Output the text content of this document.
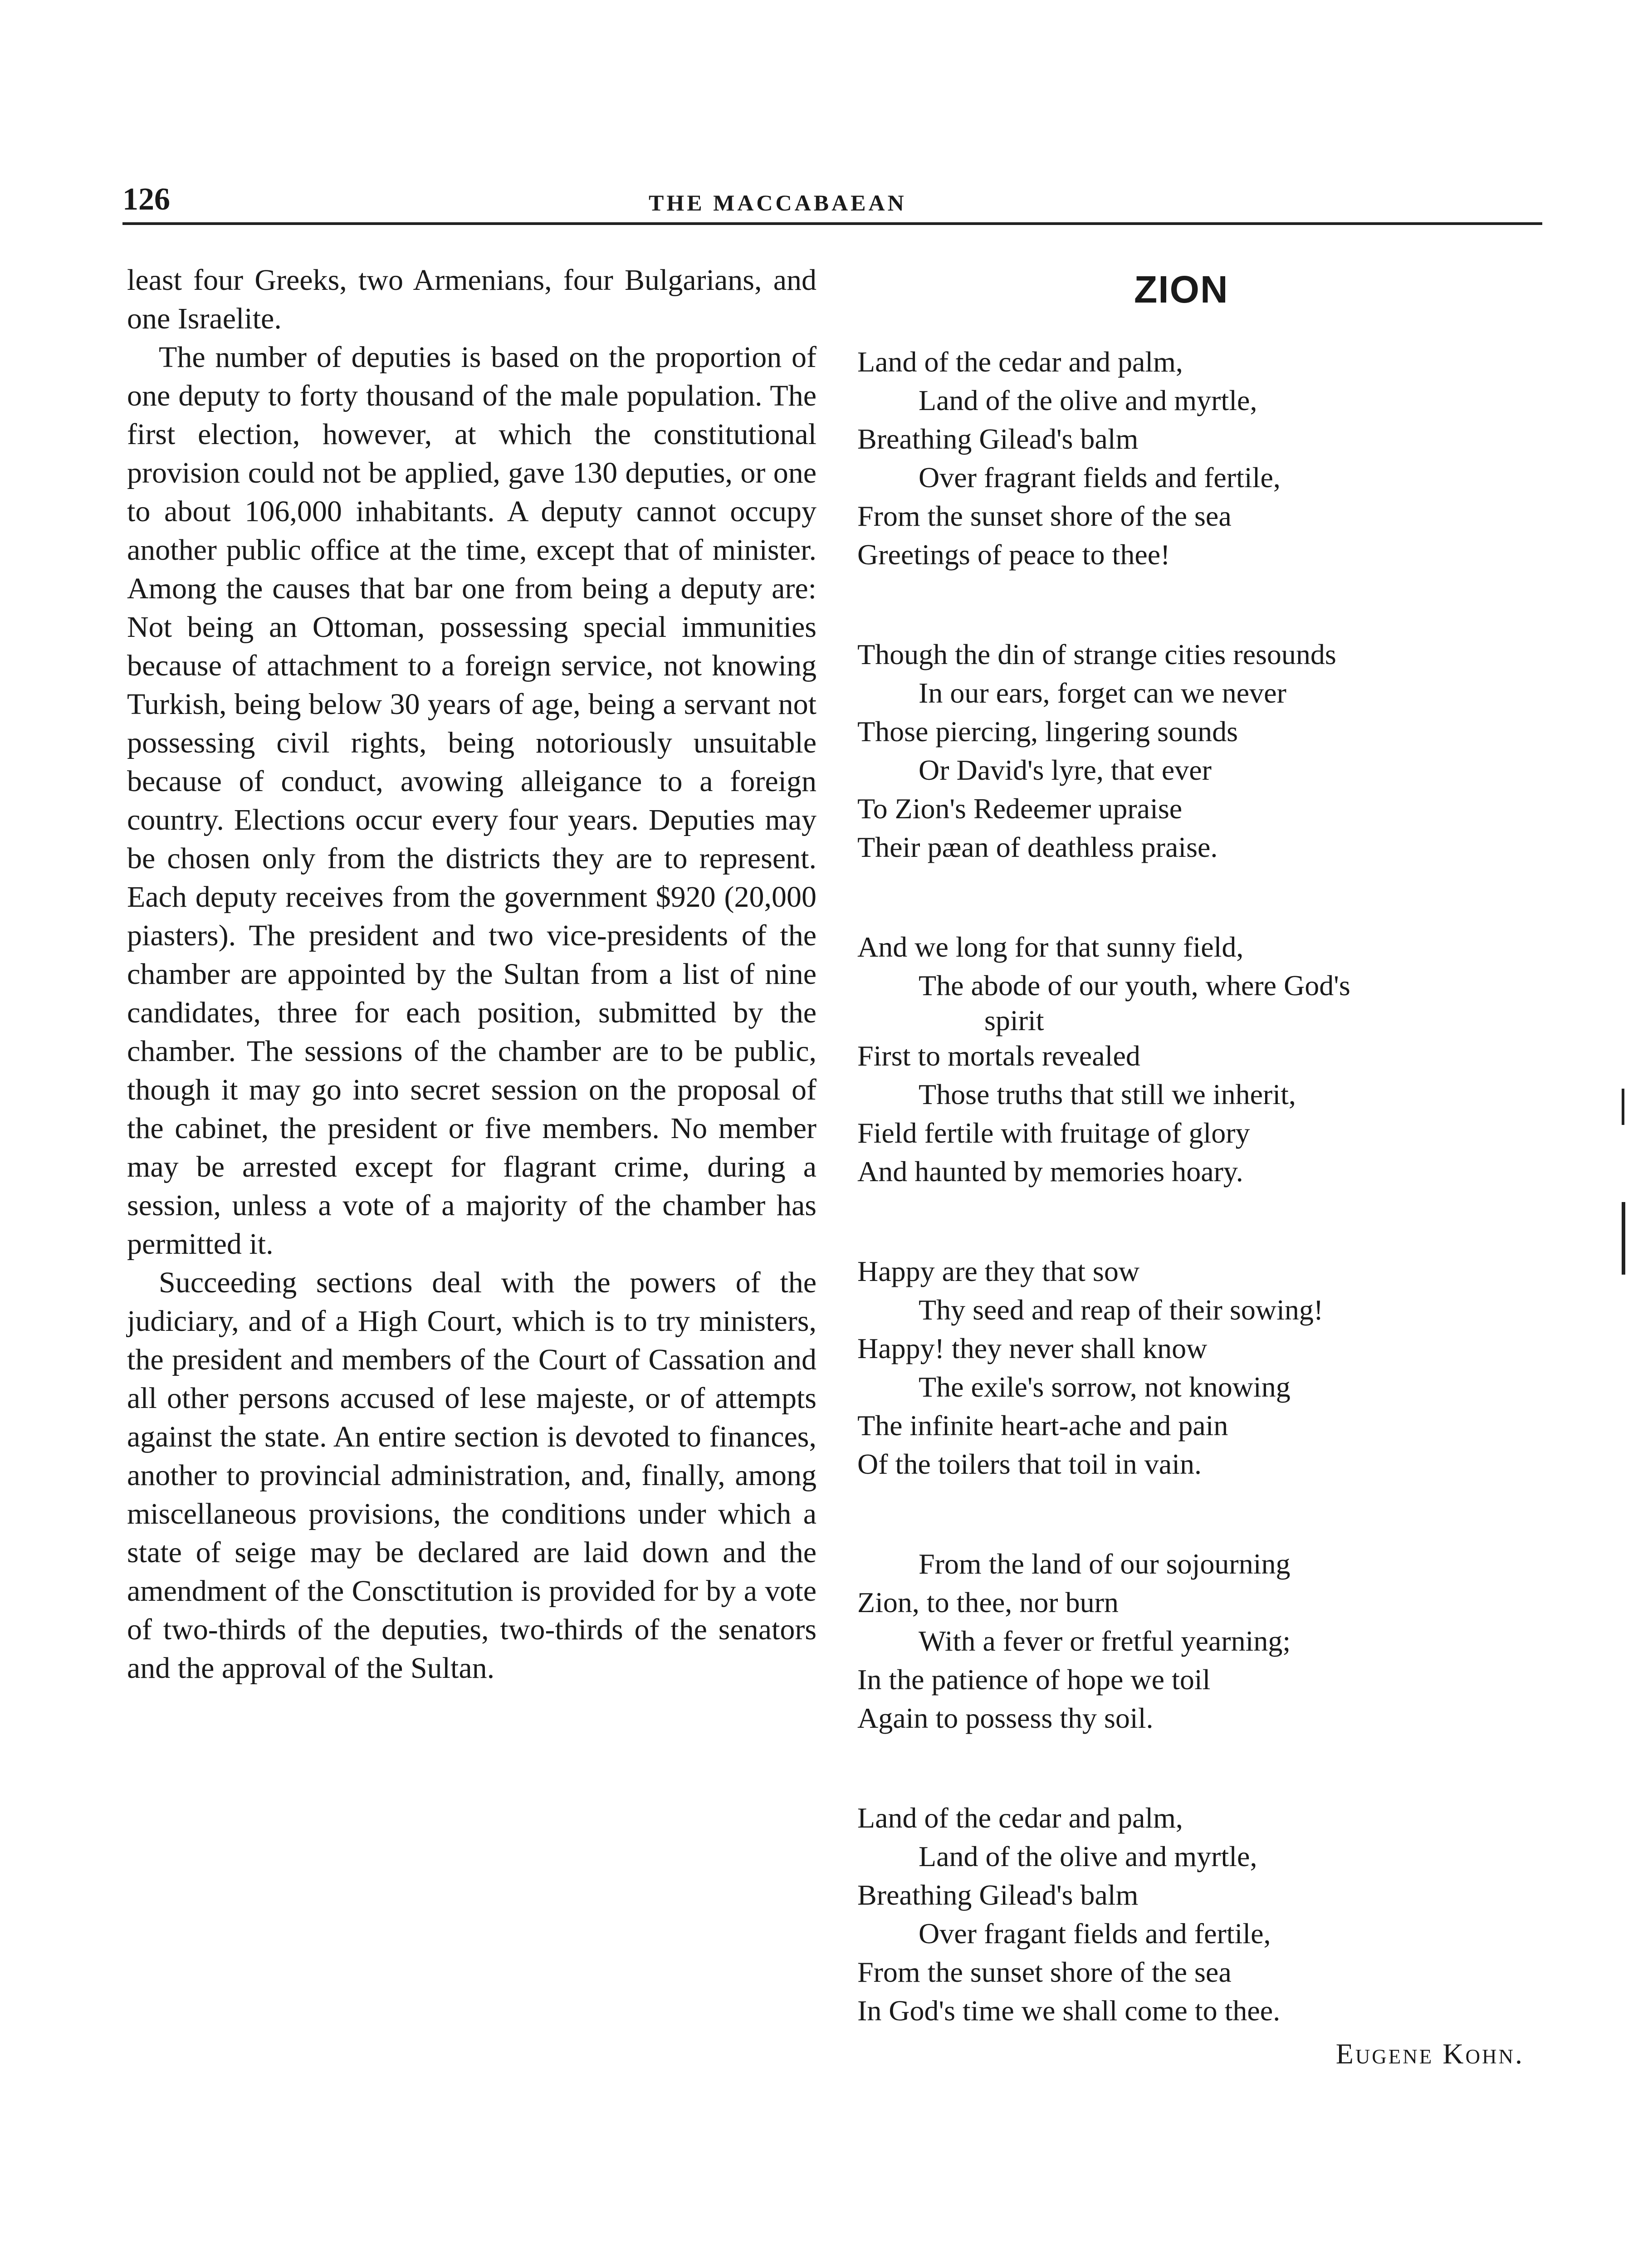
126	THE MACCABAEAN

least four Greeks, two Armenians, four Bulgarians, and one Israelite.

The number of deputies is based on the proportion of one deputy to forty thousand of the male population. The first election, however, at which the constitutional provision could not be applied, gave 130 deputies, or one to about 106,000 inhabitants. A deputy cannot occupy another public office at the time, except that of minister. Among the causes that bar one from being a deputy are: Not being an Ottoman, possessing special immunities because of attachment to a foreign service, not knowing Turkish, being below 30 years of age, being a servant not possessing civil rights, being notoriously unsuitable because of conduct, avowing alleigance to a foreign country. Elections occur every four years. Deputies may be chosen only from the districts they are to represent. Each deputy receives from the government $920 (20,000 piasters). The president and two vice-presidents of the chamber are appointed by the Sultan from a list of nine candidates, three for each position, submitted by the chamber. The sessions of the chamber are to be public, though it may go into secret session on the proposal of the cabinet, the president or five members. No member may be arrested except for flagrant crime, during a session, unless a vote of a majority of the chamber has permitted it.

Succeeding sections deal with the powers of the judiciary, and of a High Court, which is to try ministers, the president and members of the Court of Cassation and all other persons accused of lese majeste, or of attempts against the state. An entire section is devoted to finances, another to provincial administration, and, finally, among miscellaneous provisions, the conditions under which a state of seige may be declared are laid down and the amendment of the Consctitution is provided for by a vote of two-thirds of the deputies, two-thirds of the senators and the approval of the Sultan.

ZION
Land of the cedar and palm,
Land of the olive and myrtle,
Breathing Gilead's balm
Over fragrant fields and fertile,
From the sunset shore of the sea
Greetings of peace to thee!
Though the din of strange cities resounds
In our ears, forget can we never
Those piercing, lingering sounds
Or David's lyre, that ever
To Zion's Redeemer upraise
Their pæan of deathless praise.
And we long for that sunny field,
The abode of our youth, where God's
spirit
First to mortals revealed
Those truths that still we inherit,
Field fertile with fruitage of glory
And haunted by memories hoary.
Happy are they that sow
Thy seed and reap of their sowing!
Happy! they never shall know
The exile's sorrow, not knowing
The infinite heart-ache and pain
Of the toilers that toil in vain.
From the land of our sojourning
Zion, to thee, nor burn
With a fever or fretful yearning;
In the patience of hope we toil
Again to possess thy soil.
Land of the cedar and palm,
Land of the olive and myrtle,
Breathing Gilead's balm
Over fragant fields and fertile,
From the sunset shore of the sea
In God's time we shall come to thee.
Eugene Kohn.
